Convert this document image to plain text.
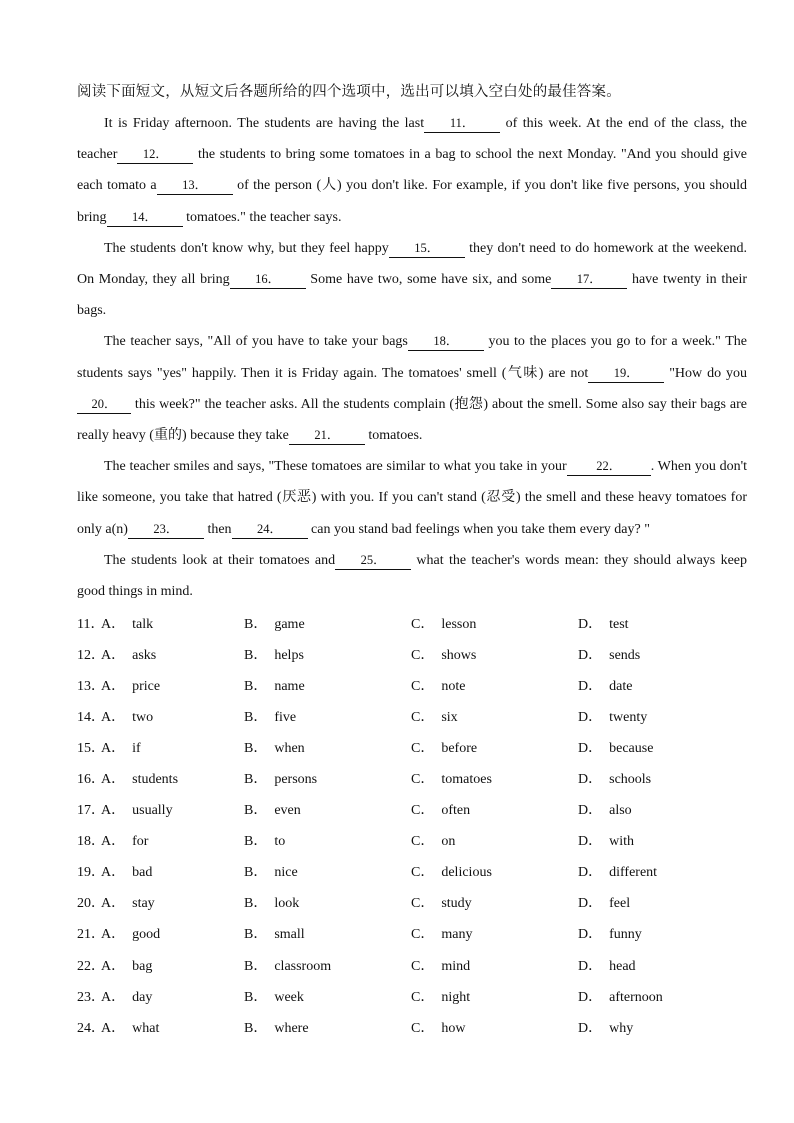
阅读下面短文，从短文后各题所给的四个选项中，选出可以填入空白处的最佳答案。

It is Friday afternoon. The students are having the last 11． of this week. At the end of the class, the teacher 12． the students to bring some tomatoes in a bag to school the next Monday. "And you should give each tomato a 13． of the person (人) you don't like. For example, if you don't like five persons, you should bring 14． tomatoes." the teacher says.

The students don't know why, but they feel happy 15． they don't need to do homework at the weekend. On Monday, they all bring 16． Some have two, some have six, and some 17． have twenty in their bags.

The teacher says, "All of you have to take your bags 18． you to the places you go to for a week." The students says "yes" happily. Then it is Friday again. The tomatoes' smell (气味) are not 19． "How do you 20． this week?" the teacher asks. All the students complain (抱怨) about the smell. Some also say their bags are really heavy (重的) because they take 21． tomatoes.

The teacher smiles and says, "These tomatoes are similar to what you take in your 22． . When you don't like someone, you take that hatred (厌恶) with you. If you can't stand (忍受) the smell and these heavy tomatoes for only a(n) 23． then 24． can you stand bad feelings when you take them every day? "

The students look at their tomatoes and 25． what the teacher's words mean: they should always keep good things in mind.

11．
A． talk	B． game	C． lesson	D． test
12．
A． asks	B． helps	C． shows	D． sends
13．
A． price	B． name	C． note	D． date
14．
A． two	B． five	C． six	D． twenty
15．
A． if	B． when	C． before	D． because
16．
A． students	B． persons	C． tomatoes	D． schools
17．
A． usually	B． even	C． often	D． also
18．
A． for	B． to	C． on	D． with
19．
A． bad	B． nice	C． delicious	D． different
20．
A． stay	B． look	C． study	D． feel
21．
A． good	B． small	C． many	D． funny
22．
A． bag	B． classroom	C． mind	D． head
23．
A． day	B． week	C． night	D． afternoon
24．
A． what	B． where	C． how	D． why
